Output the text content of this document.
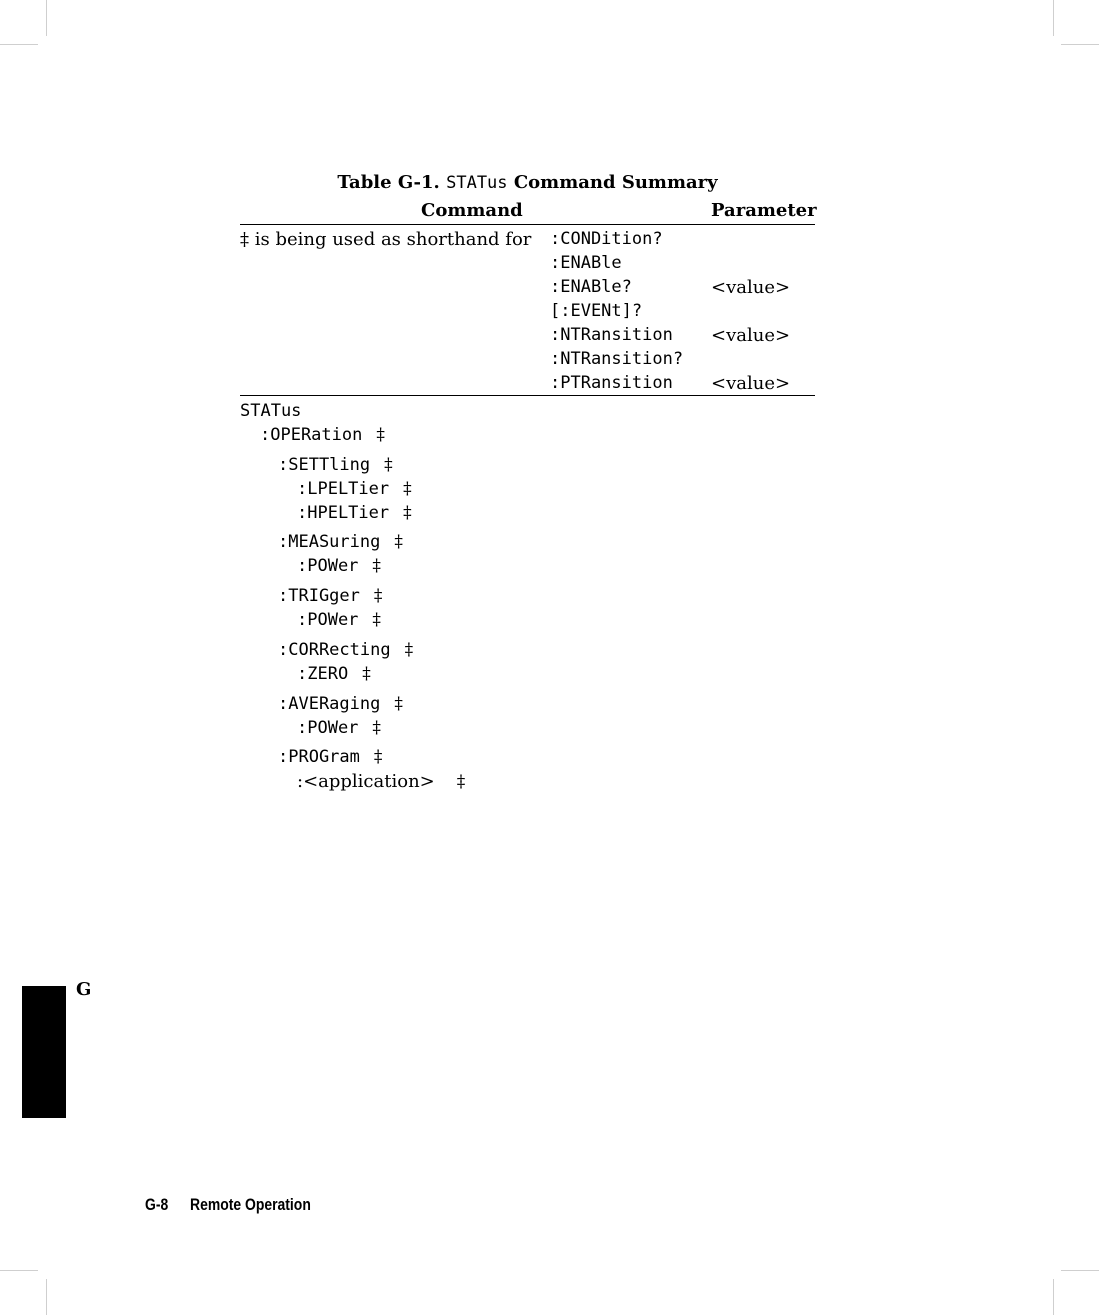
Table G-1. STATus Command Summary
Command	Parameter
‡ is being used as shorthand for :CONDition?
:ENABle
:ENABle?	<value>
[:EVENt]?
:NTRansition <value>
:NTRansition?
:PTRansition <value>
STATus
:OPERation ‡
:SETTling ‡
:LPELTier ‡
:HPELTier ‡
:MEASuring ‡
:POWer ‡
:TRIGger ‡
:POWer ‡
:CORRecting ‡
:ZERO ‡
:AVERaging ‡
:POWer ‡
:PROGram ‡
:<application> ‡
G
G-8 Remote Operation
